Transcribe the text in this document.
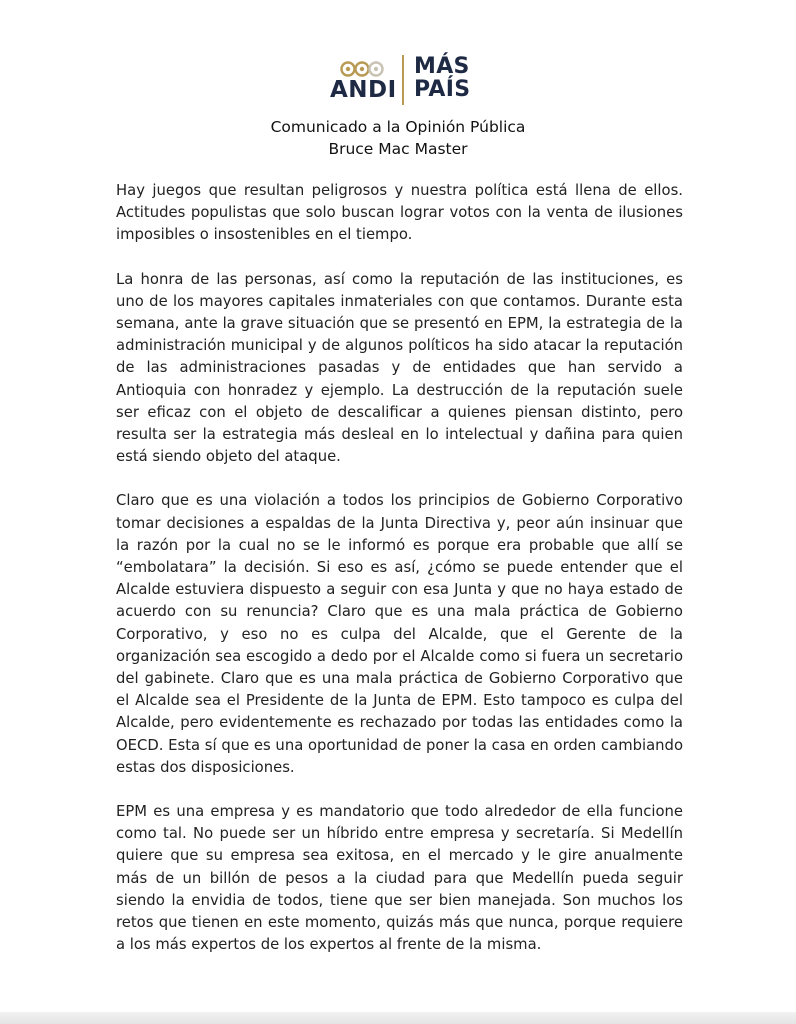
ANDI
MÁS
PAÍS
Comunicado a la Opinión Pública
Bruce Mac Master

Hay juegos que resultan peligrosos y nuestra política está llena de ellos. Actitudes populistas que solo buscan lograr votos con la venta de ilusiones imposibles o insostenibles en el tiempo.

La honra de las personas, así como la reputación de las instituciones, es uno de los mayores capitales inmateriales con que contamos. Durante esta semana, ante la grave situación que se presentó en EPM, la estrategia de la administración municipal y de algunos políticos ha sido atacar la reputación de las administraciones pasadas y de entidades que han servido a Antioquia con honradez y ejemplo. La destrucción de la reputación suele ser eficaz con el objeto de descalificar a quienes piensan distinto, pero resulta ser la estrategia más desleal en lo intelectual y dañina para quien está siendo objeto del ataque.

Claro que es una violación a todos los principios de Gobierno Corporativo tomar decisiones a espaldas de la Junta Directiva y, peor aún insinuar que la razón por la cual no se le informó es porque era probable que allí se “embolatara” la decisión. Si eso es así, ¿cómo se puede entender que el Alcalde estuviera dispuesto a seguir con esa Junta y que no haya estado de acuerdo con su renuncia? Claro que es una mala práctica de Gobierno Corporativo, y eso no es culpa del Alcalde, que el Gerente de la organización sea escogido a dedo por el Alcalde como si fuera un secretario del gabinete. Claro que es una mala práctica de Gobierno Corporativo que el Alcalde sea el Presidente de la Junta de EPM. Esto tampoco es culpa del Alcalde, pero evidentemente es rechazado por todas las entidades como la OECD. Esta sí que es una oportunidad de poner la casa en orden cambiando estas dos disposiciones.

EPM es una empresa y es mandatorio que todo alrededor de ella funcione como tal. No puede ser un híbrido entre empresa y secretaría. Si Medellín quiere que su empresa sea exitosa, en el mercado y le gire anualmente más de un billón de pesos a la ciudad para que Medellín pueda seguir siendo la envidia de todos, tiene que ser bien manejada. Son muchos los retos que tienen en este momento, quizás más que nunca, porque requiere a los más expertos de los expertos al frente de la misma.
